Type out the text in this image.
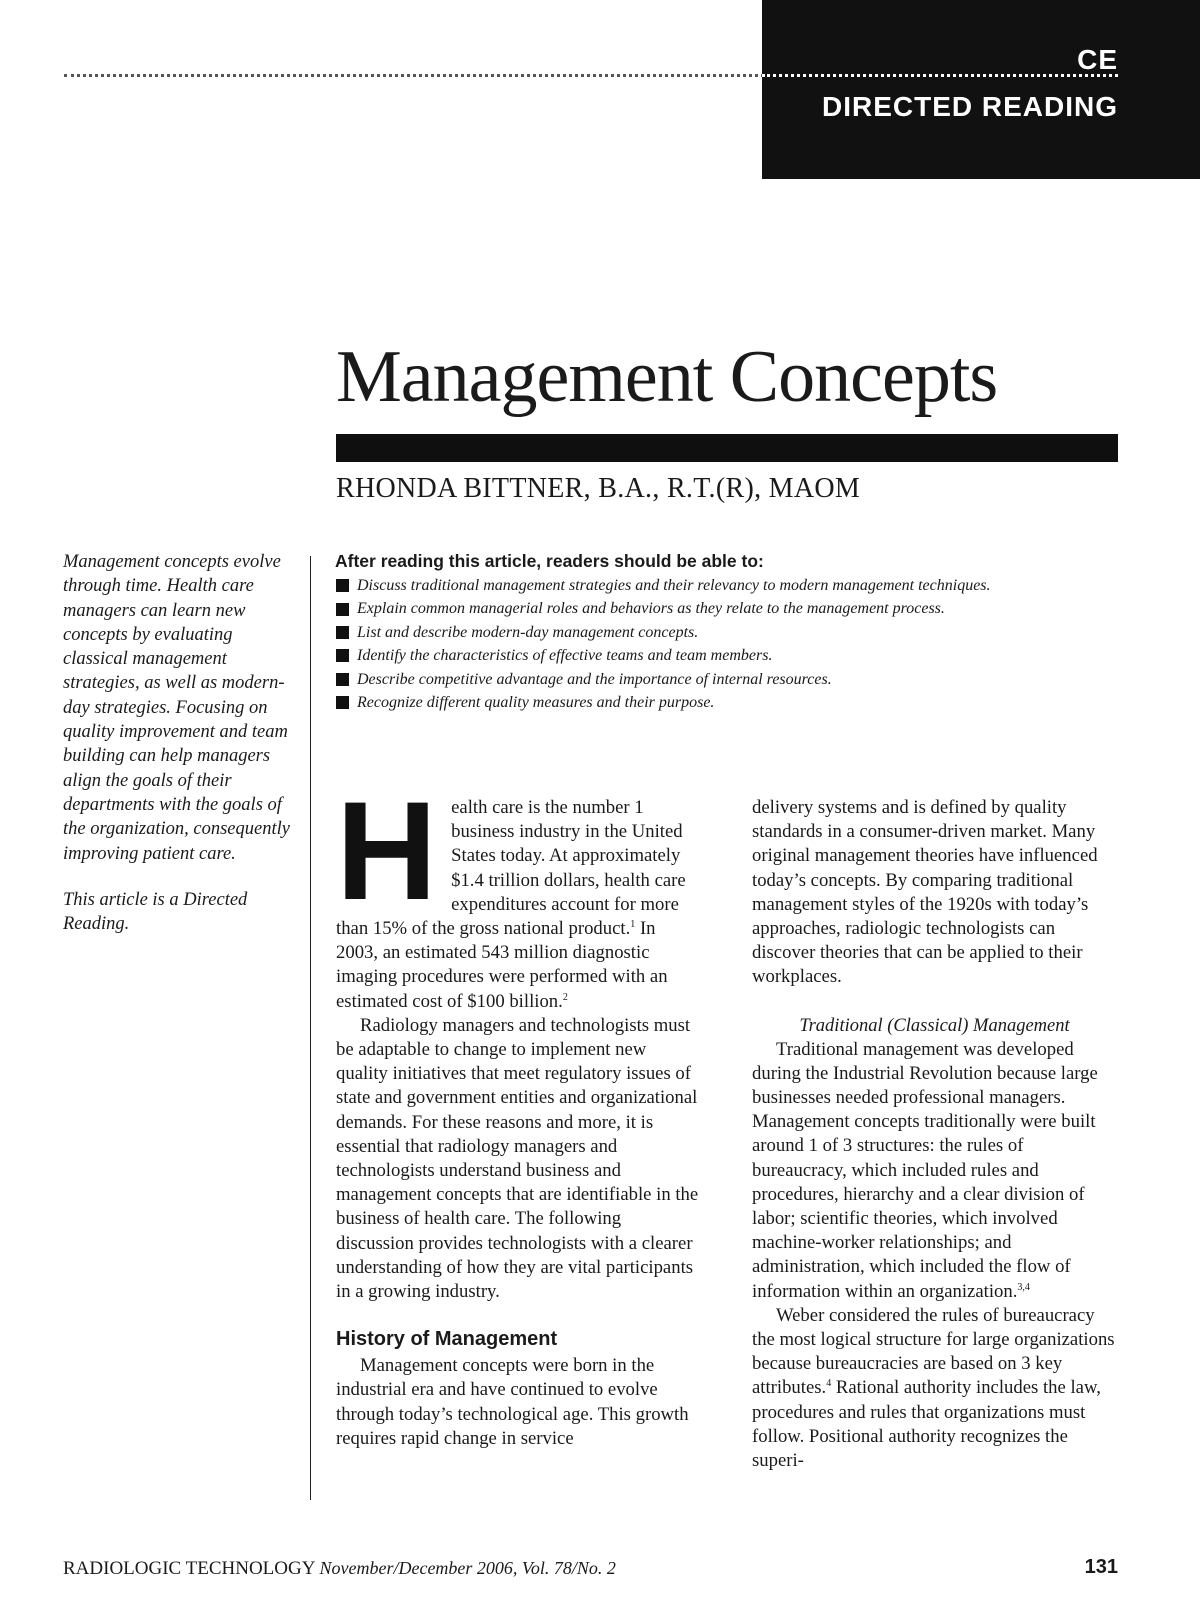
CE
DIRECTED READING
Management Concepts
RHONDA BITTNER, B.A., R.T.(R), MAOM

Management concepts evolve through time. Health care managers can learn new concepts by evaluating classical management strategies, as well as modern-day strategies. Focusing on quality improvement and team building can help managers align the goals of their departments with the goals of the organization, consequently improving patient care.

This article is a Directed Reading.

After reading this article, readers should be able to:
Discuss traditional management strategies and their relevancy to modern management techniques.
Explain common managerial roles and behaviors as they relate to the management process.
List and describe modern-day management concepts.
Identify the characteristics of effective teams and team members.
Describe competitive advantage and the importance of internal resources.
Recognize different quality measures and their purpose.

Health care is the number 1 business industry in the United States today. At approximately $1.4 trillion dollars, health care expenditures account for more than 15% of the gross national product.$^1$ In 2003, an estimated 543 million diagnostic imaging procedures were performed with an estimated cost of $100 billion.$^2$

Radiology managers and technologists must be adaptable to change to implement new quality initiatives that meet regulatory issues of state and government entities and organizational demands. For these reasons and more, it is essential that radiology managers and technologists understand business and management concepts that are identifiable in the business of health care. The following discussion provides technologists with a clearer understanding of how they are vital participants in a growing industry.

History of Management

Management concepts were born in the industrial era and have continued to evolve through today’s technological age. This growth requires rapid change in service

delivery systems and is defined by quality standards in a consumer-driven market. Many original management theories have influenced today’s concepts. By comparing traditional management styles of the 1920s with today’s approaches, radiologic technologists can discover theories that can be applied to their workplaces.

Traditional (Classical) Management

Traditional management was developed during the Industrial Revolution because large businesses needed professional managers. Management concepts traditionally were built around 1 of 3 structures: the rules of bureaucracy, which included rules and procedures, hierarchy and a clear division of labor; scientific theories, which involved machine-worker relationships; and administration, which included the flow of information within an organization.$^{3,4}$

Weber considered the rules of bureaucracy the most logical structure for large organizations because bureaucracies are based on 3 key attributes.$^4$ Rational authority includes the law, procedures and rules that organizations must follow. Positional authority recognizes the superi-

RADIOLOGIC TECHNOLOGY November/December 2006, Vol. 78/No. 2	131
